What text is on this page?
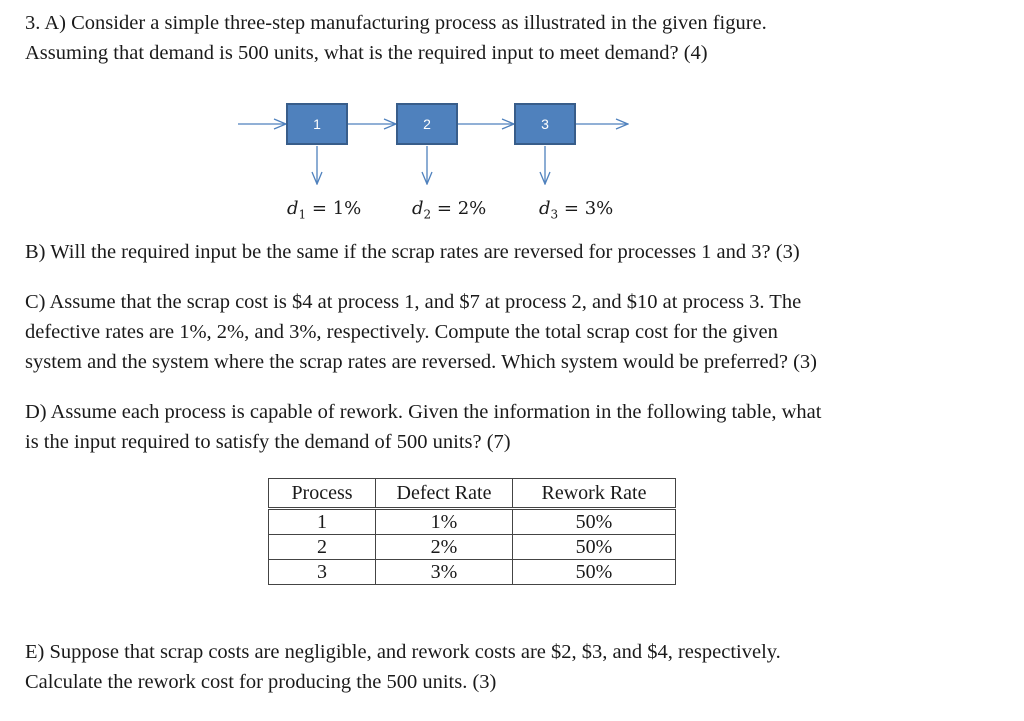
3. A) Consider a simple three-step manufacturing process as illustrated in the given figure.
Assuming that demand is 500 units, what is the required input to meet demand? (4)

1	2	3
$d_1 = 1\%$	$d_2 = 2\%$	$d_3 = 3\%$

B) Will the required input be the same if the scrap rates are reversed for processes 1 and 3? (3)

C) Assume that the scrap cost is $4 at process 1, and $7 at process 2, and $10 at process 3. The
defective rates are 1%, 2%, and 3%, respectively. Compute the total scrap cost for the given
system and the system where the scrap rates are reversed. Which system would be preferred? (3)

D) Assume each process is capable of rework. Given the information in the following table, what
is the input required to satisfy the demand of 500 units? (7)

Process	Defect Rate	Rework Rate
1	1%	50%
2	2%	50%
3	3%	50%

E) Suppose that scrap costs are negligible, and rework costs are $2, $3, and $4, respectively.
Calculate the rework cost for producing the 500 units. (3)
